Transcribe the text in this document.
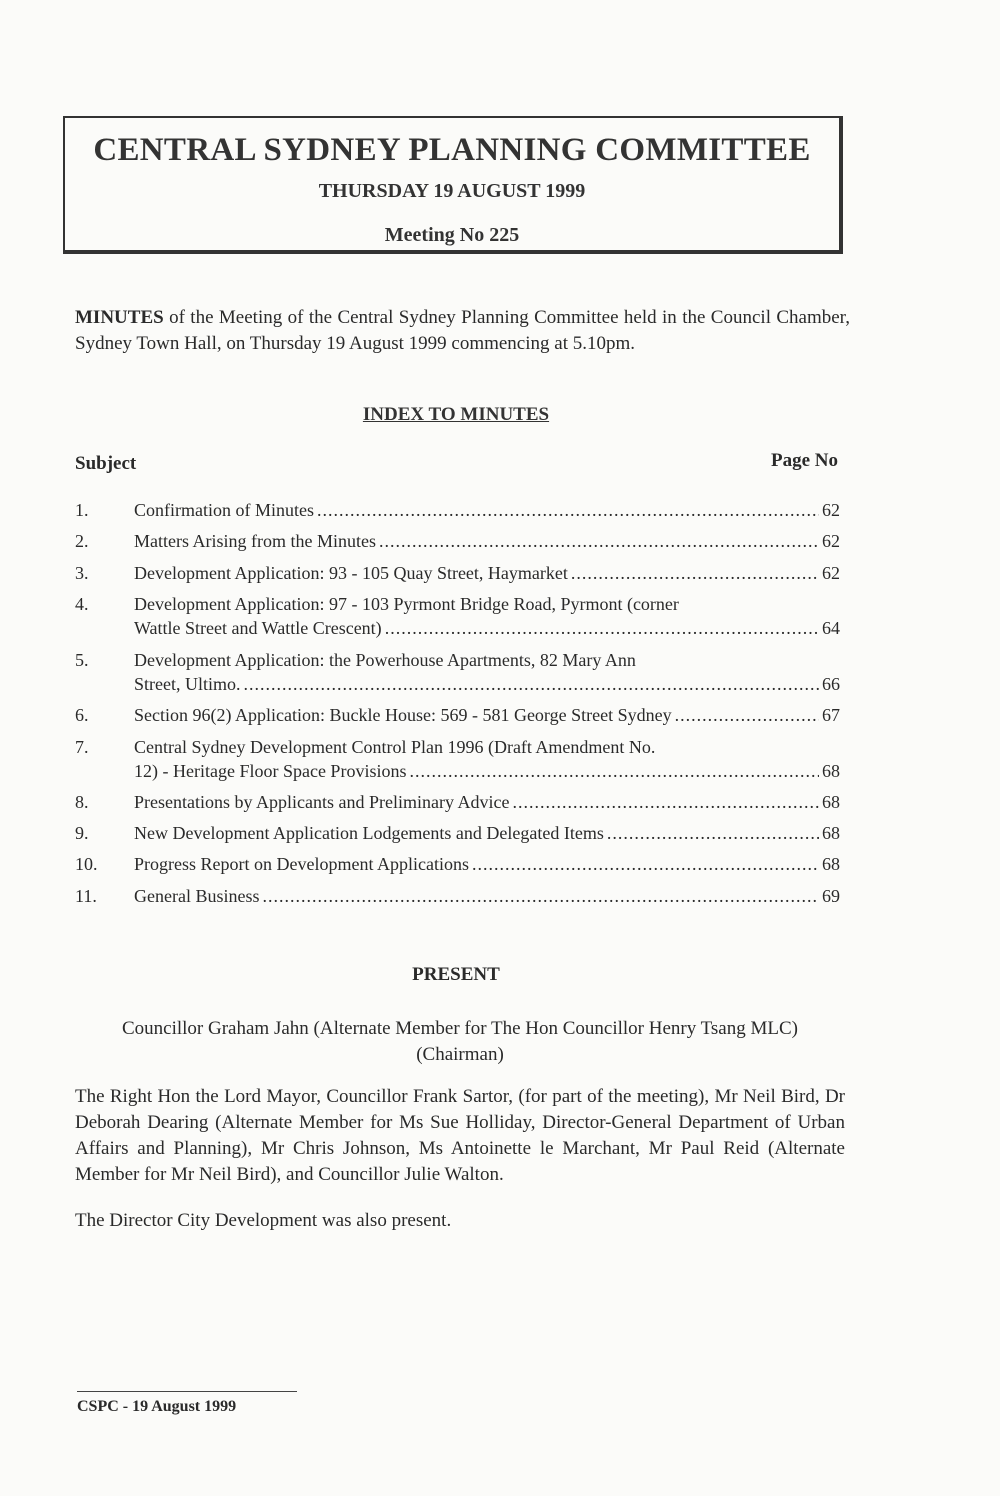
CENTRAL SYDNEY PLANNING COMMITTEE
THURSDAY 19 AUGUST 1999
Meeting No 225
MINUTES of the Meeting of the Central Sydney Planning Committee held in the Council Chamber, Sydney Town Hall, on Thursday 19 August 1999 commencing at 5.10pm.
INDEX TO MINUTES
Subject	Page No
1.	Confirmation of Minutes .....	62
2.	Matters Arising from the Minutes .....	62
3.	Development Application: 93 - 105 Quay Street, Haymarket .....	62
4.	Development Application: 97 - 103 Pyrmont Bridge Road, Pyrmont (corner
Wattle Street and Wattle Crescent) .....	64
5.	Development Application: the Powerhouse Apartments, 82 Mary Ann
Street, Ultimo. .....	66
6.	Section 96(2) Application: Buckle House: 569 - 581 George Street Sydney .....	67
7.	Central Sydney Development Control Plan 1996 (Draft Amendment No.
12) - Heritage Floor Space Provisions .....	68
8.	Presentations by Applicants and Preliminary Advice .....	68
9.	New Development Application Lodgements and Delegated Items .....	68
10. Progress Report on Development Applications .....	68
11. General Business .....	69
PRESENT
Councillor Graham Jahn (Alternate Member for The Hon Councillor Henry Tsang MLC)
(Chairman)
The Right Hon the Lord Mayor, Councillor Frank Sartor, (for part of the meeting), Mr Neil Bird, Dr Deborah Dearing (Alternate Member for Ms Sue Holliday, Director-General Department of Urban Affairs and Planning), Mr Chris Johnson, Ms Antoinette le Marchant, Mr Paul Reid (Alternate Member for Mr Neil Bird), and Councillor Julie Walton.
The Director City Development was also present.
CSPC - 19 August 1999
